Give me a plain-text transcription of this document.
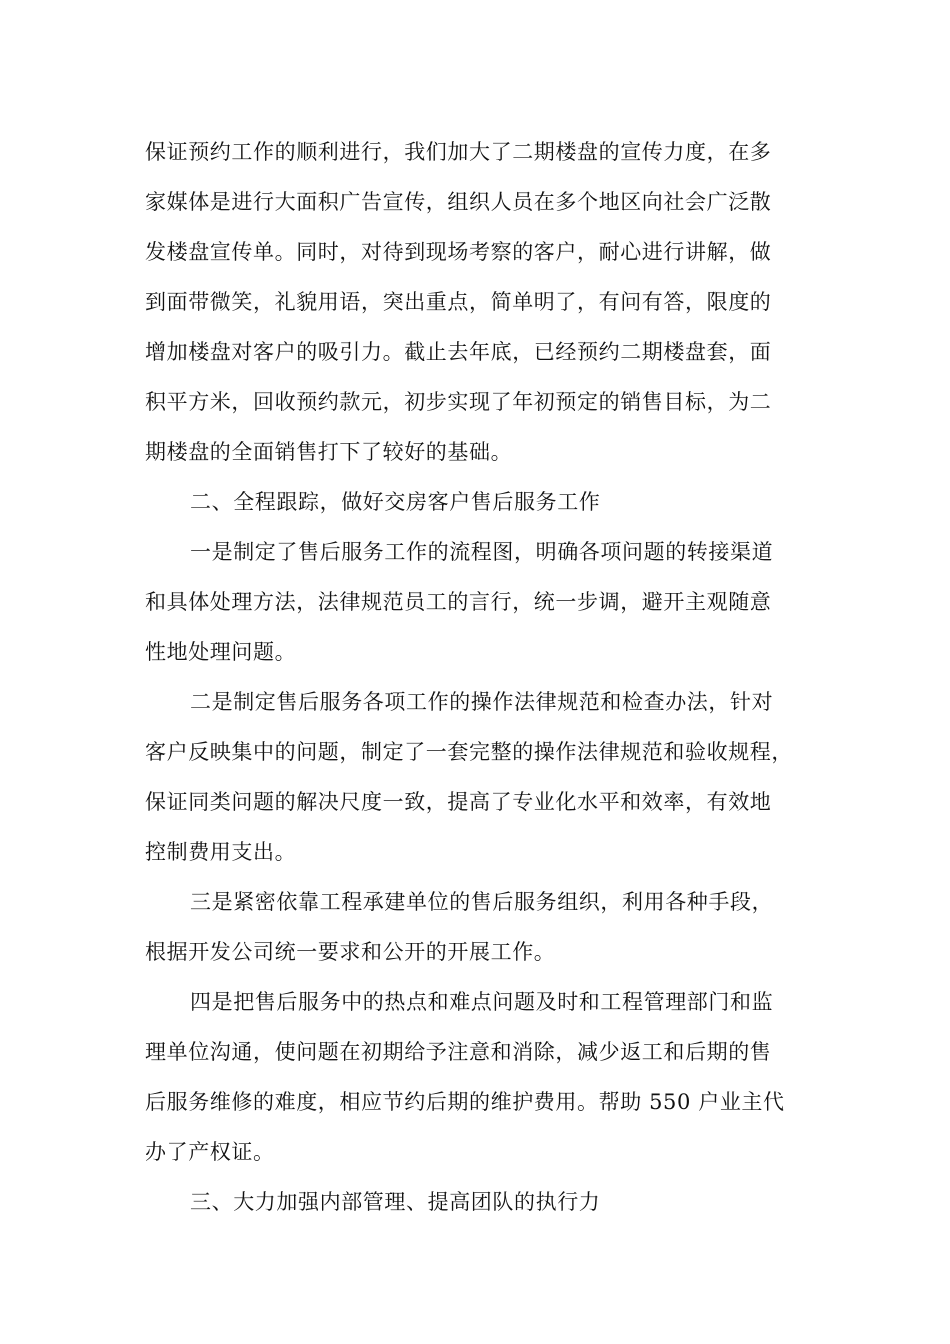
保证预约工作的顺利进行，我们加大了二期楼盘的宣传力度，在多
家媒体是进行大面积广告宣传，组织人员在多个地区向社会广泛散
发楼盘宣传单。同时，对待到现场考察的客户，耐心进行讲解，做
到面带微笑，礼貌用语，突出重点，简单明了，有问有答，限度的
增加楼盘对客户的吸引力。截止去年底，已经预约二期楼盘套，面
积平方米，回收预约款元，初步实现了年初预定的销售目标，为二
期楼盘的全面销售打下了较好的基础。
二、全程跟踪，做好交房客户售后服务工作
一是制定了售后服务工作的流程图，明确各项问题的转接渠道
和具体处理方法，法律规范员工的言行，统一步调，避开主观随意
性地处理问题。
二是制定售后服务各项工作的操作法律规范和检查办法，针对
客户反映集中的问题，制定了一套完整的操作法律规范和验收规程，
保证同类问题的解决尺度一致，提高了专业化水平和效率，有效地
控制费用支出。
三是紧密依靠工程承建单位的售后服务组织，利用各种手段，
根据开发公司统一要求和公开的开展工作。
四是把售后服务中的热点和难点问题及时和工程管理部门和监
理单位沟通，使问题在初期给予注意和消除，减少返工和后期的售
后服务维修的难度，相应节约后期的维护费用。帮助 550 户业主代
办了产权证。
三、大力加强内部管理、提高团队的执行力
